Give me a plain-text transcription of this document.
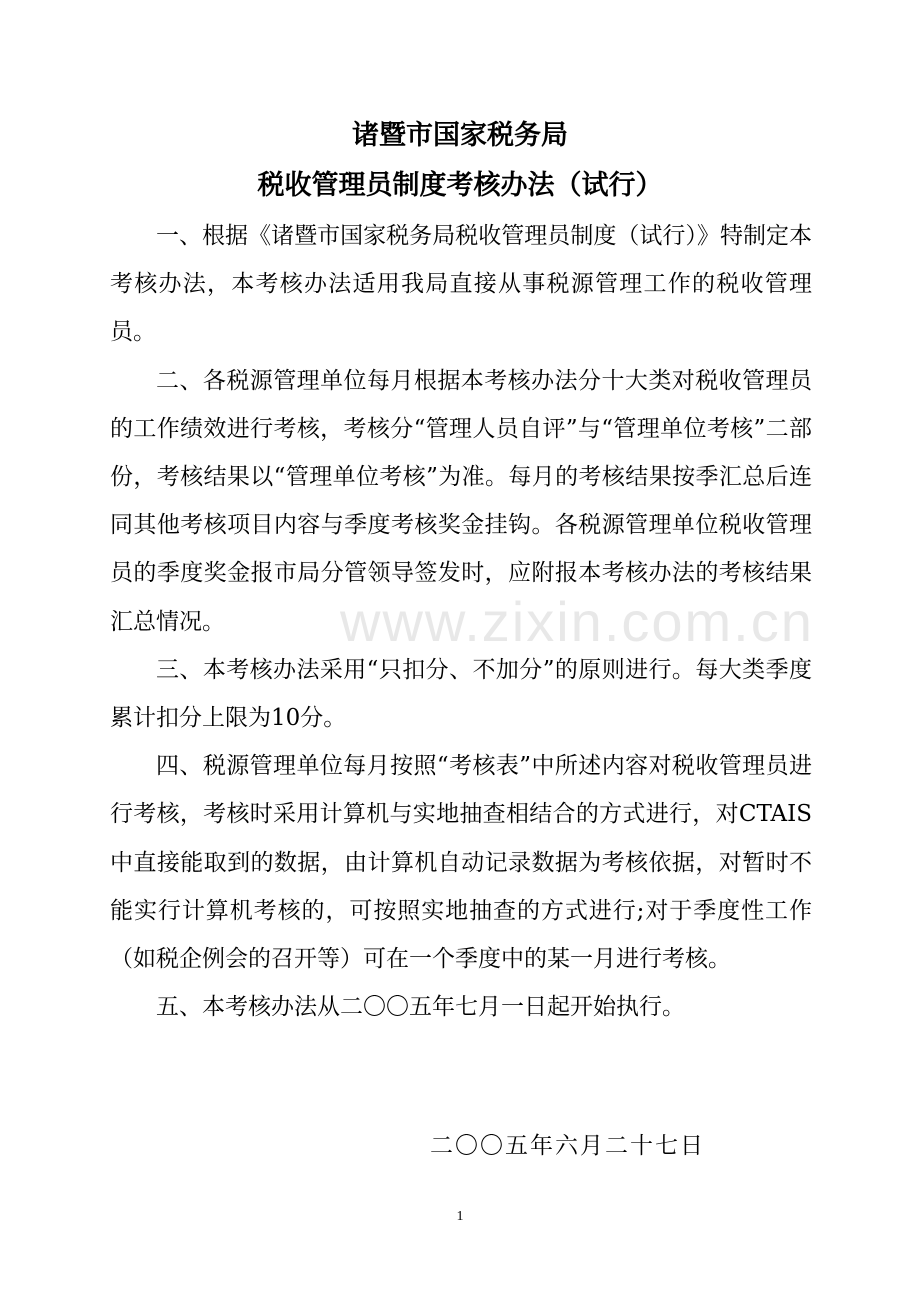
诸暨市国家税务局
税收管理员制度考核办法（试行）

一、根据《诸暨市国家税务局税收管理员制度（试行）》特制定本考核办法，本考核办法适用我局直接从事税源管理工作的税收管理员。

二、各税源管理单位每月根据本考核办法分十大类对税收管理员的工作绩效进行考核，考核分“管理人员自评”与“管理单位考核”二部份，考核结果以“管理单位考核”为准。每月的考核结果按季汇总后连同其他考核项目内容与季度考核奖金挂钩。各税源管理单位税收管理员的季度奖金报市局分管领导签发时，应附报本考核办法的考核结果汇总情况。

三、本考核办法采用“只扣分、不加分”的原则进行。每大类季度累计扣分上限为10分。

四、税源管理单位每月按照“考核表”中所述内容对税收管理员进行考核，考核时采用计算机与实地抽查相结合的方式进行，对CTAIS中直接能取到的数据，由计算机自动记录数据为考核依据，对暂时不能实行计算机考核的，可按照实地抽查的方式进行;对于季度性工作（如税企例会的召开等）可在一个季度中的某一月进行考核。

五、本考核办法从二〇〇五年七月一日起开始执行。

www.zixin.com.cn
二〇〇五年六月二十七日
1
